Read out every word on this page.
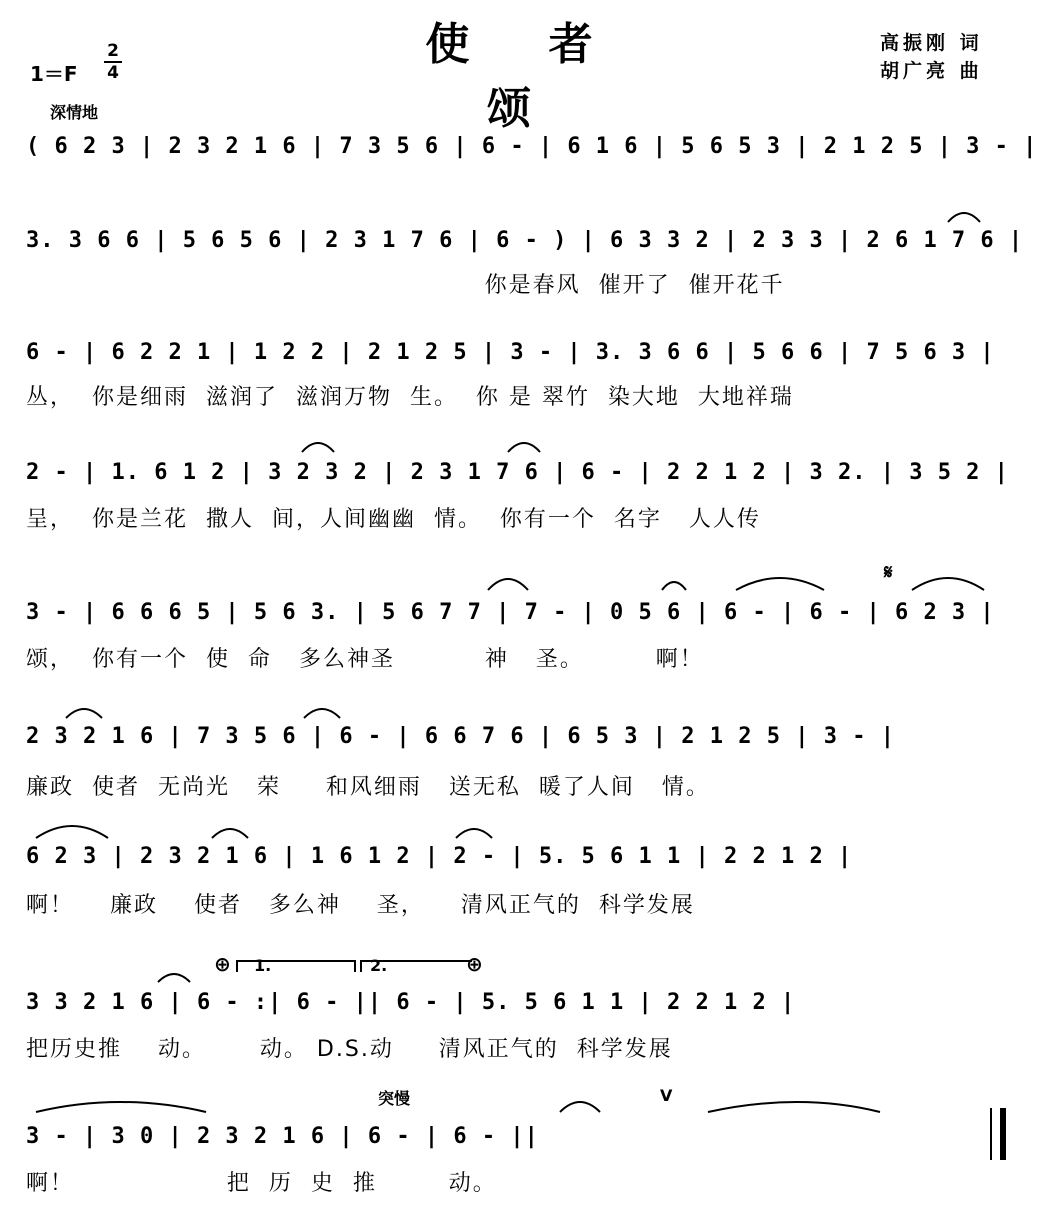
使 者 颂
高振刚 词
胡广亮 曲
1＝F
2
4
深情地
( 6 2 3 | 2 3 2 1 6 | 7 3 5 6 | 6 - | 6 1 6 | 5 6 5 3 | 2 1 2 5 | 3 - |
3. 3 6 6 | 5 6 5 6 | 2 3 1 7 6 | 6 - ) | 6 3 3 2 | 2 3 3 | 2 6 1 7 6 |
你是春风  催开了  催开花千
6 - | 6 2 2 1 | 1 2 2 | 2 1 2 5 | 3 - | 3. 3 6 6 | 5 6 6 | 7 5 6 3 |
丛，  你是细雨  滋润了  滋润万物  生。  你 是 翠竹  染大地  大地祥瑞
2 - | 1. 6 1 2 | 3 2 3 2 | 2 3 1 7 6 | 6 - | 2 2 1 2 | 3 2. | 3 5 2 |
呈，  你是兰花  撒人  间，人间幽幽  情。  你有一个  名字   人人传
𝄋
3 - | 6 6 6 5 | 5 6 3. | 5 6 7 7 | 7 - | 0 5 6 | 6 - | 6 - | 6 2 3 |
颂，  你有一个  使  命   多么神圣          神   圣。        啊！
2 3 2 1 6 | 7 3 5 6 | 6 - | 6 6 7 6 | 6 5 3 | 2 1 2 5 | 3 - |
廉政  使者  无尚光   荣     和风细雨   送无私  暖了人间   情。
6 2 3 | 2 3 2 1 6 | 1 6 1 2 | 2 - | 5. 5 6 1 1 | 2 2 1 2 |
啊！    廉政    使者   多么神    圣，    清风正气的  科学发展
⊕ 1.	2.	⊕
3 3 2 1 6 | 6 - :| 6 - || 6 - | 5. 5 6 1 1 | 2 2 1 2 |
把历史推    动。      动。 D.S.动     清风正气的  科学发展
突慢	V
3 - | 3 0 | 2 3 2 1 6 | 6 - | 6 - ||
啊！                 把  历  史  推        动。
